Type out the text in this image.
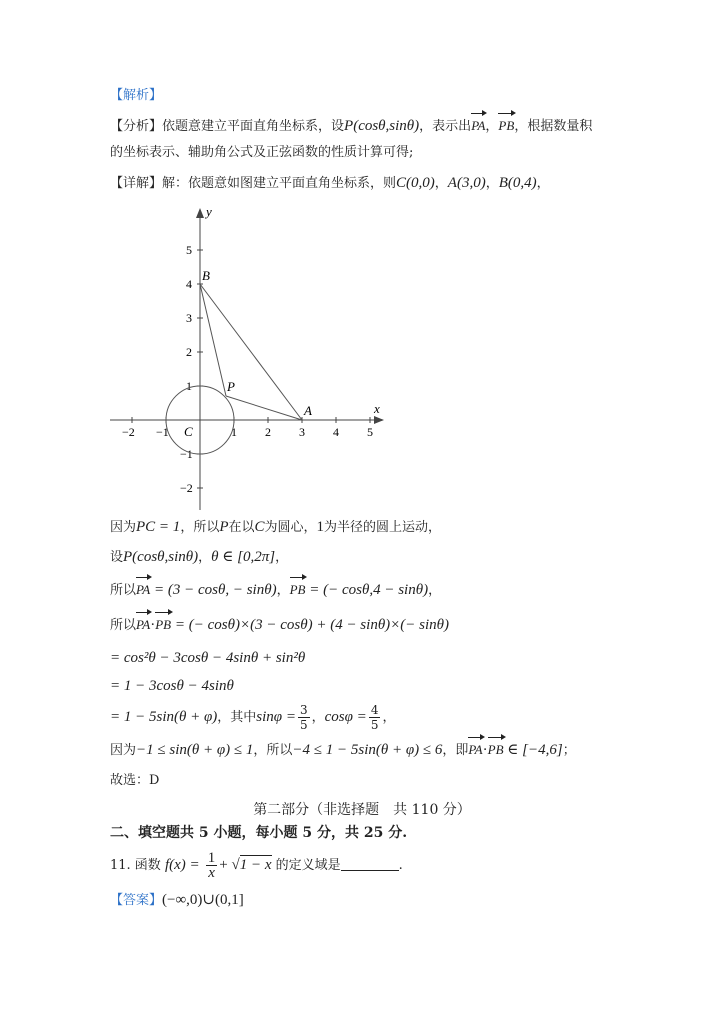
【解析】
【分析】依题意建立平面直角坐标系，设P(cosθ,sinθ)，表示出PA，PB，根据数量积
的坐标表示、辅助角公式及正弦函数的性质计算可得;
【详解】解：依题意如图建立平面直角坐标系，则C(0,0)，A(3,0)，B(0,4)，
x
y
−2 −1	1 2 3 4 5
5
4
3
2
1
−1
−2
B
P
A
C
因为PC = 1，所以P在以C为圆心，1为半径的圆上运动，
设P(cosθ,sinθ)，θ ∈ [0,2π]，
所以PA = (3 − cosθ, − sinθ)，PB = (− cosθ,4 − sinθ)，
所以PA·PB = (− cosθ)×(3 − cosθ) + (4 − sinθ)×(− sinθ)
= cos²θ − 3cosθ − 4sinθ + sin²θ
= 1 − 3cosθ − 4sinθ
= 1 − 5sin(θ + φ)，其中$\sin\varphi = \frac{3}{5}$ ，$\cos\varphi = \frac{4}{5}$ ，
因为−1 ≤ sin(θ + φ) ≤ 1，所以−4 ≤ 1 − 5sin(θ + φ) ≤ 6，即PA·PB ∈ [−4,6]；
故选：D
第二部分（非选择题　共 110 分）
二、填空题共 5 小题，每小题 5 分，共 25 分.
11. 函数 $f(x) = \frac{1}{x} + √1 - x$ 的定义域是	.
【答案】(−∞,0)∪(0,1]
